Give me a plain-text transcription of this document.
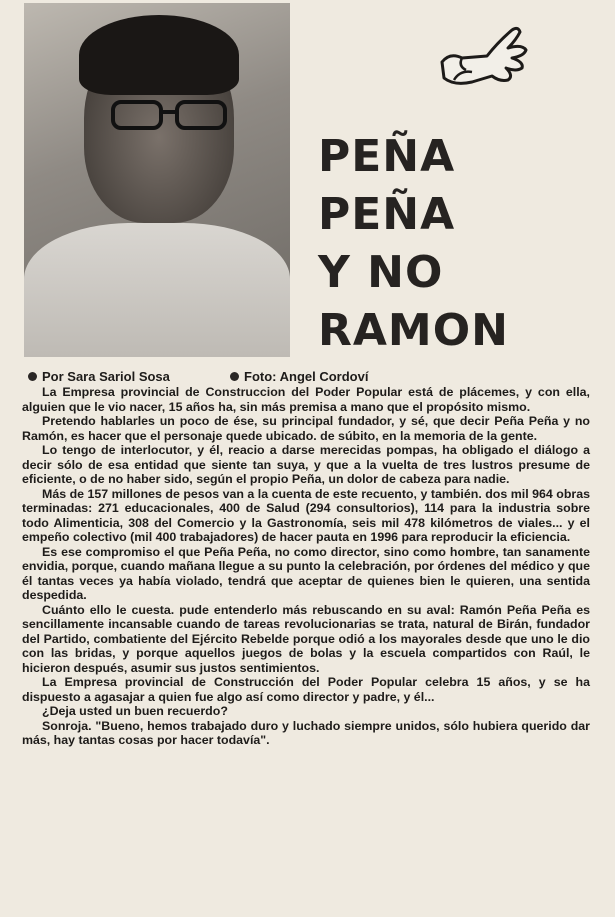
PEÑA
PEÑA
Y NO
RAMON
Por Sara Sariol Sosa	Foto: Angel Cordoví

La Empresa provincial de Construccion del Poder Popular está de plácemes, y con ella, alguien que le vio nacer, 15 años ha, sin más premisa a mano que el propósito mismo.

Pretendo hablarles un poco de ése, su principal fundador, y sé, que decir Peña Peña y no Ramón, es hacer que el personaje quede ubicado. de súbito, en la memoria de la gente.

Lo tengo de interlocutor, y él, reacio a darse merecidas pompas, ha obligado el diálogo a decir sólo de esa entidad que siente tan suya, y que a la vuelta de tres lustros presume de eficiente, o de no haber sido, según el propio Peña, un dolor de cabeza para nadie.

Más de 157 millones de pesos van a la cuenta de este recuento, y también. dos mil 964 obras terminadas: 271 educacionales, 400 de Salud (294 consultorios), 114 para la industria sobre todo Alimenticia, 308 del Comercio y la Gastronomía, seis mil 478 kilómetros de viales... y el empeño colectivo (mil 400 trabajadores) de hacer pauta en 1996 para reproducir la eficiencia.

Es ese compromiso el que Peña Peña, no como director, sino como hombre, tan sanamente envidia, porque, cuando mañana llegue a su punto la celebración, por órdenes del médico y que él tantas veces ya había violado, tendrá que aceptar de quienes bien le quieren, una sentida despedida.

Cuánto ello le cuesta. pude entenderlo más rebuscando en su aval: Ramón Peña Peña es sencillamente incansable cuando de tareas revolucionarias se trata, natural de Birán, fundador del Partido, combatiente del Ejército Rebelde porque odió a los mayorales desde que uno le dio con las bridas, y porque aquellos juegos de bolas y la escuela compartidos con Raúl, le hicieron después, asumir sus justos sentimientos.

La Empresa provincial de Construcción del Poder Popular celebra 15 años, y se ha dispuesto a agasajar a quien fue algo así como director y padre, y él...

¿Deja usted un buen recuerdo?

Sonroja. "Bueno, hemos trabajado duro y luchado siempre unidos, sólo hubiera querido dar más, hay tantas cosas por hacer todavía".
